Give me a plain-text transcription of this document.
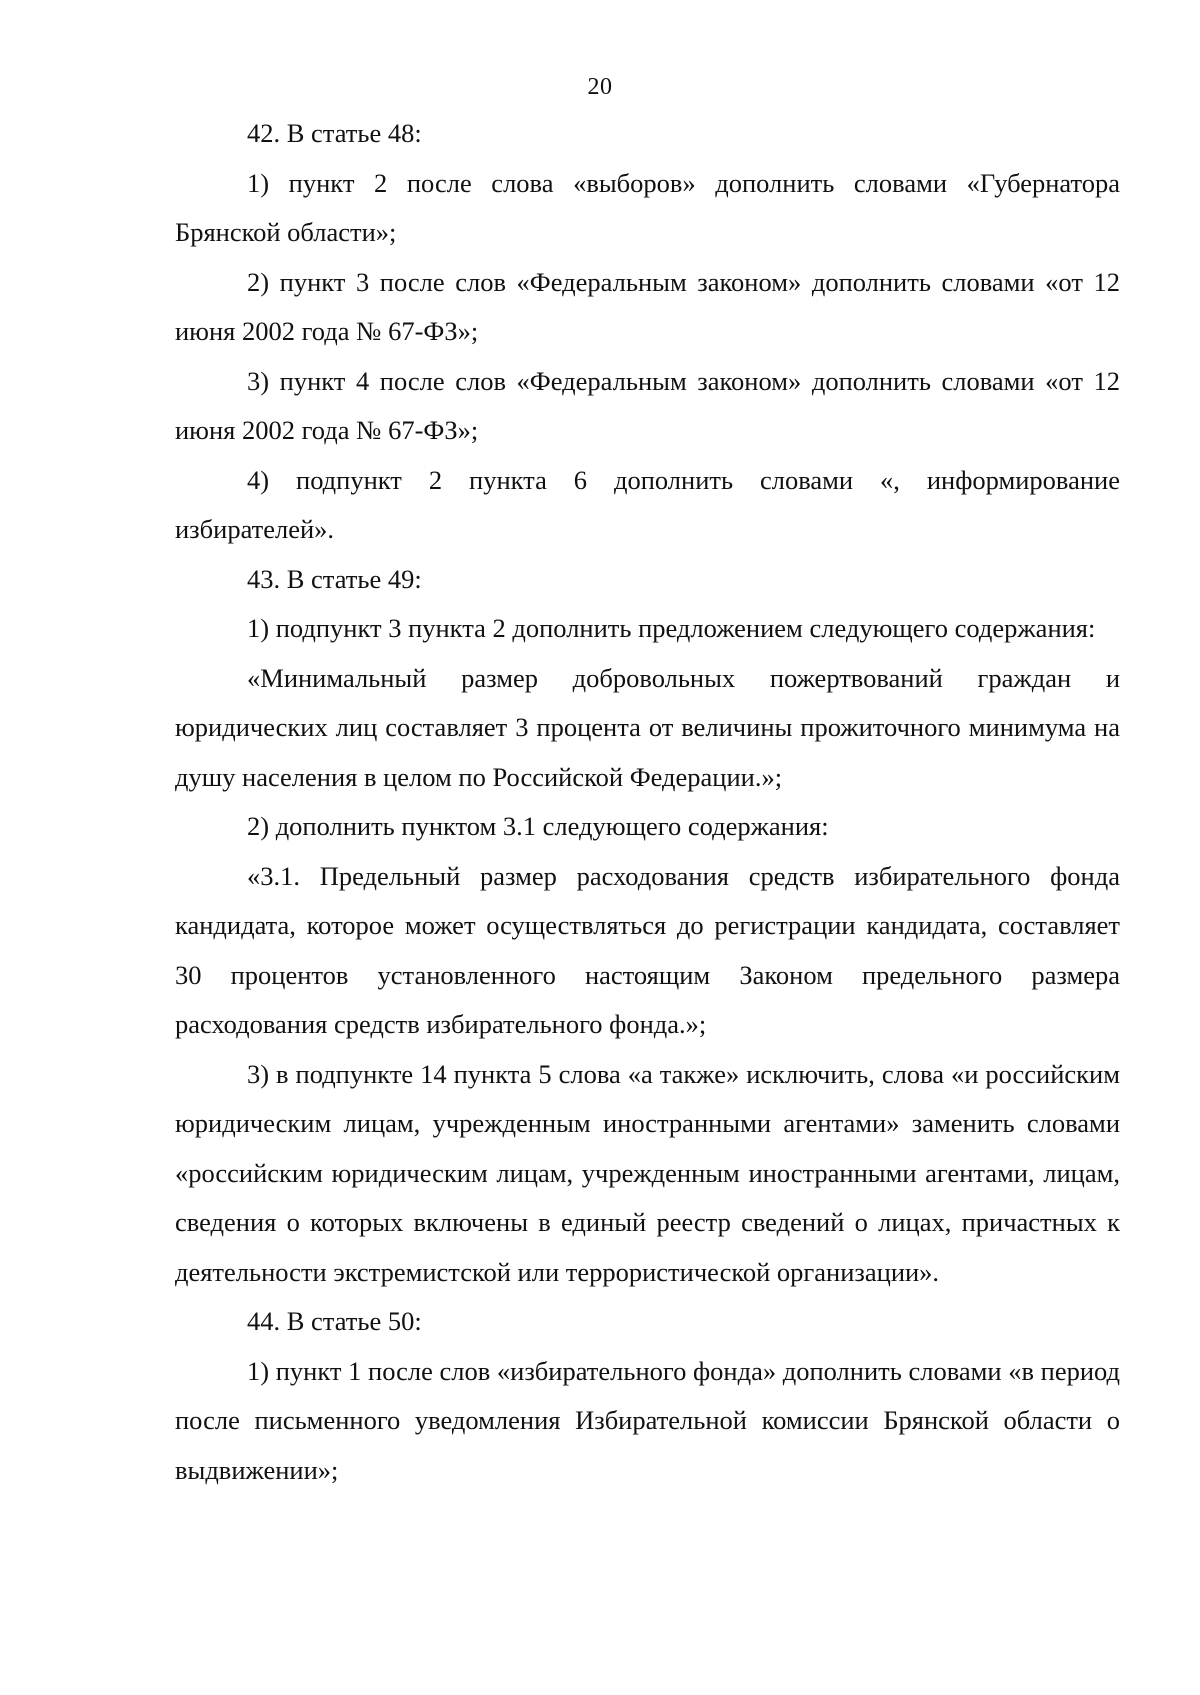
20

42. В статье 48:

1) пункт 2 после слова «выборов» дополнить словами «Губернатора Брянской области»;

2) пункт 3 после слов «Федеральным законом» дополнить словами «от 12 июня 2002 года № 67-ФЗ»;

3) пункт 4 после слов «Федеральным законом» дополнить словами «от 12 июня 2002 года № 67-ФЗ»;

4) подпункт 2 пункта 6 дополнить словами «, информирование избирателей».

43. В статье 49:

1) подпункт 3 пункта 2 дополнить предложением следующего содержания:

«Минимальный размер добровольных пожертвований граждан и юридических лиц составляет 3 процента от величины прожиточного минимума на душу населения в целом по Российской Федерации.»;

2) дополнить пунктом 3.1 следующего содержания:

«3.1. Предельный размер расходования средств избирательного фонда кандидата, которое может осуществляться до регистрации кандидата, составляет 30 процентов установленного настоящим Законом предельного размера расходования средств избирательного фонда.»;

3) в подпункте 14 пункта 5 слова «а также» исключить, слова «и российским юридическим лицам, учрежденным иностранными агентами» заменить словами «российским юридическим лицам, учрежденным иностранными агентами, лицам, сведения о которых включены в единый реестр сведений о лицах, причастных к деятельности экстремистской или террористической организации».

44. В статье 50:

1) пункт 1 после слов «избирательного фонда» дополнить словами «в период после письменного уведомления Избирательной комиссии Брянской области о выдвижении»;
